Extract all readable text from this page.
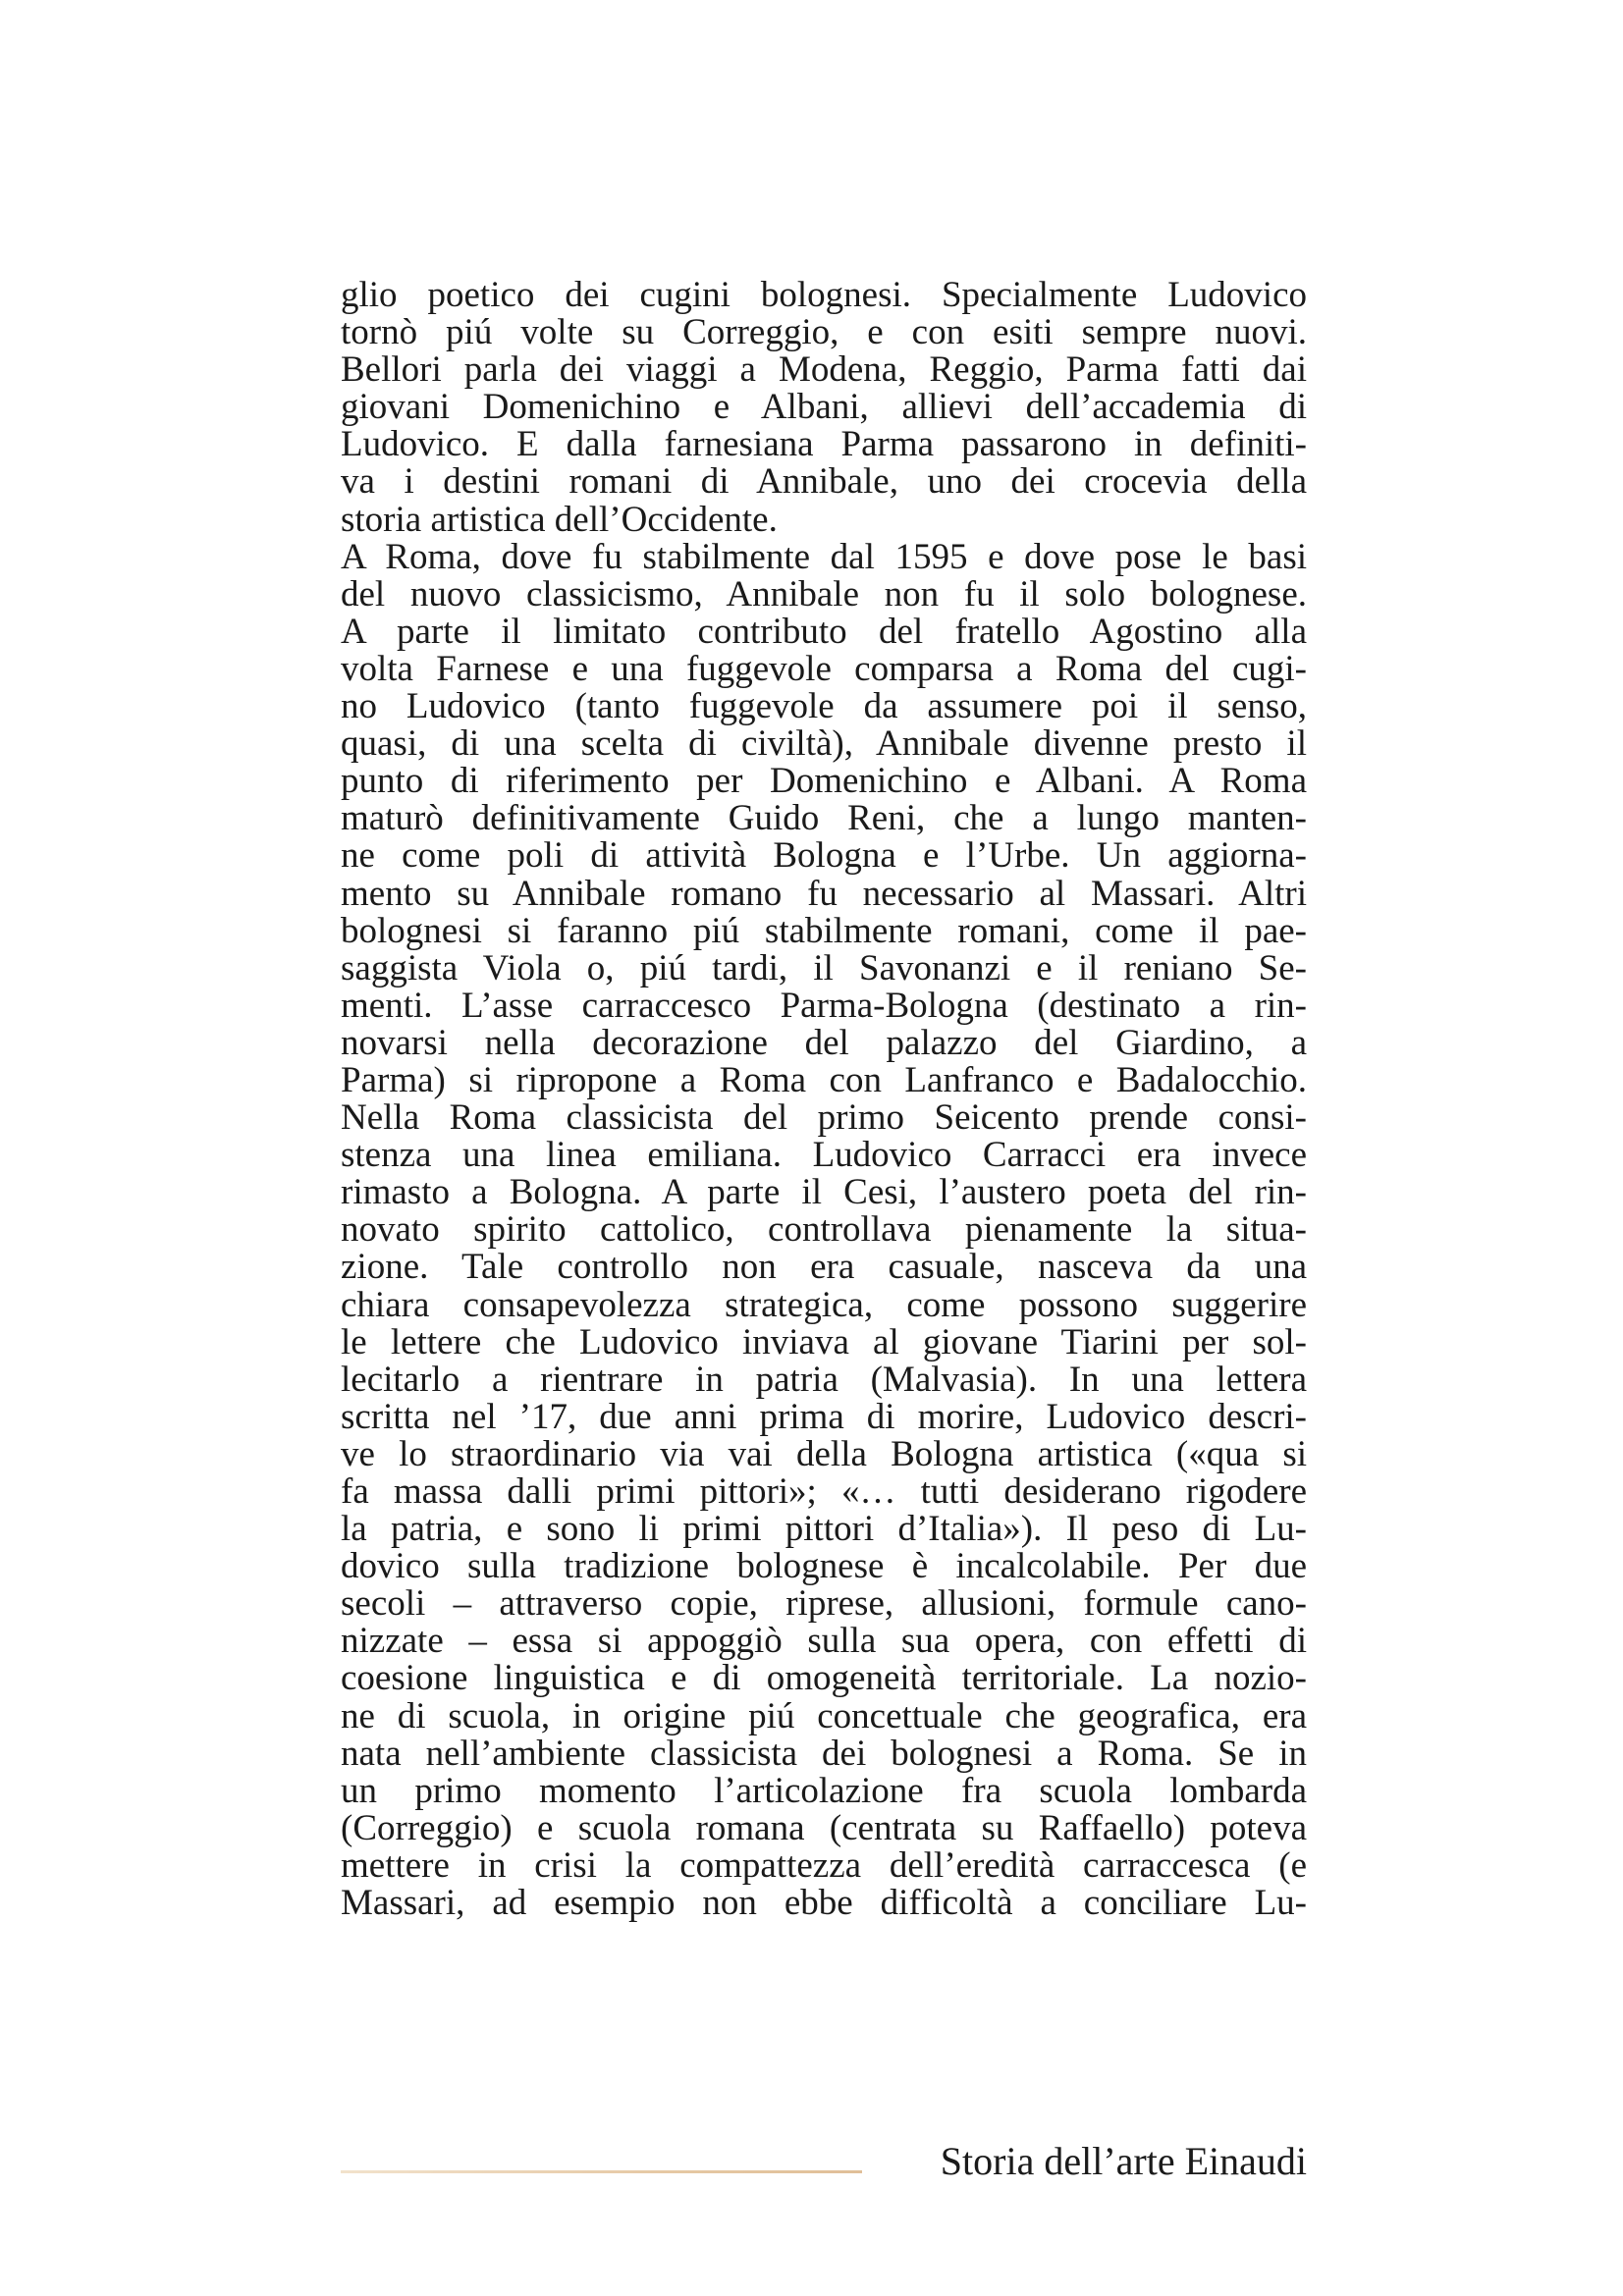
glio poetico dei cugini bolognesi. Specialmente Ludovico
tornò piú volte su Correggio, e con esiti sempre nuovi.
Bellori parla dei viaggi a Modena, Reggio, Parma fatti dai
giovani Domenichino e Albani, allievi dell’accademia di
Ludovico. E dalla farnesiana Parma passarono in definiti-
va i destini romani di Annibale, uno dei crocevia della
storia artistica dell’Occidente.
A Roma, dove fu stabilmente dal 1595 e dove pose le basi
del nuovo classicismo, Annibale non fu il solo bolognese.
A parte il limitato contributo del fratello Agostino alla
volta Farnese e una fuggevole comparsa a Roma del cugi-
no Ludovico (tanto fuggevole da assumere poi il senso,
quasi, di una scelta di civiltà), Annibale divenne presto il
punto di riferimento per Domenichino e Albani. A Roma
maturò definitivamente Guido Reni, che a lungo manten-
ne come poli di attività Bologna e l’Urbe. Un aggiorna-
mento su Annibale romano fu necessario al Massari. Altri
bolognesi si faranno piú stabilmente romani, come il pae-
saggista Viola o, piú tardi, il Savonanzi e il reniano Se-
menti. L’asse carraccesco Parma-Bologna (destinato a rin-
novarsi nella decorazione del palazzo del Giardino, a
Parma) si ripropone a Roma con Lanfranco e Badalocchio.
Nella Roma classicista del primo Seicento prende consi-
stenza una linea emiliana. Ludovico Carracci era invece
rimasto a Bologna. A parte il Cesi, l’austero poeta del rin-
novato spirito cattolico, controllava pienamente la situa-
zione. Tale controllo non era casuale, nasceva da una
chiara consapevolezza strategica, come possono suggerire
le lettere che Ludovico inviava al giovane Tiarini per sol-
lecitarlo a rientrare in patria (Malvasia). In una lettera
scritta nel ’17, due anni prima di morire, Ludovico descri-
ve lo straordinario via vai della Bologna artistica («qua si
fa massa dalli primi pittori»; «… tutti desiderano rigodere
la patria, e sono li primi pittori d’Italia»). Il peso di Lu-
dovico sulla tradizione bolognese è incalcolabile. Per due
secoli – attraverso copie, riprese, allusioni, formule cano-
nizzate – essa si appoggiò sulla sua opera, con effetti di
coesione linguistica e di omogeneità territoriale. La nozio-
ne di scuola, in origine piú concettuale che geografica, era
nata nell’ambiente classicista dei bolognesi a Roma. Se in
un primo momento l’articolazione fra scuola lombarda
(Correggio) e scuola romana (centrata su Raffaello) poteva
mettere in crisi la compattezza dell’eredità carraccesca (e
Massari, ad esempio non ebbe difficoltà a conciliare Lu-
Storia dell’arte Einaudi
